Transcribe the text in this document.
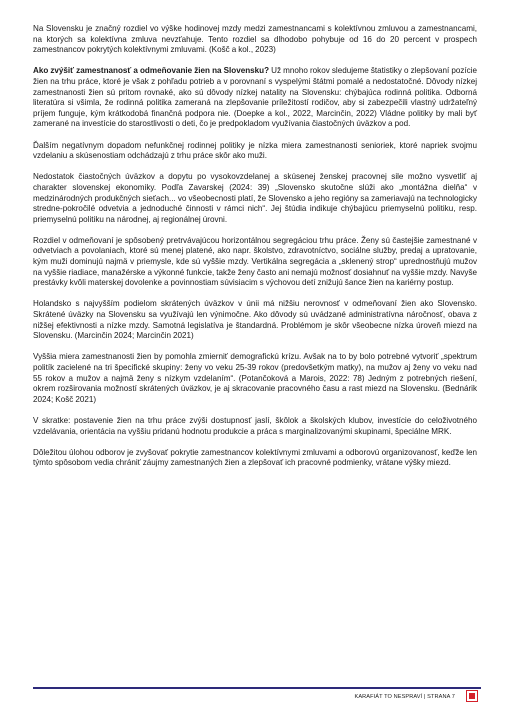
Na Slovensku je značný rozdiel vo výške hodinovej mzdy medzi zamestnancami s kolektívnou zmluvou a zamestnancami, na ktorých sa kolektívna zmluva nevzťahuje. Tento rozdiel sa dlhodobo pohybuje od 16 do 20 percent v prospech zamestnancov pokrytých kolektívnymi zmluvami. (Košč a kol., 2023)

Ako zvýšiť zamestnanosť a odmeňovanie žien na Slovensku? Už mnoho rokov sledujeme štatistiky o zlepšovaní pozície žien na trhu práce, ktoré je však z pohľadu potrieb a v porovnaní s vyspelými štátmi pomalé a nedostatočné. Dôvody nízkej zamestnanosti žien sú pritom rovnaké, ako sú dôvody nízkej natality na Slovensku: chýbajúca rodinná politika. Odborná literatúra si všimla, že rodinná politika zameraná na zlepšovanie príležitostí rodičov, aby si zabezpečili vlastný udržateľný príjem funguje, kým krátkodobá finančná podpora nie. (Doepke a kol., 2022, Marcinčin, 2022) Vládne politiky by mali byť zamerané na investície do starostlivosti o deti, čo je predpokladom využívania čiastočných úväzkov a pod.

Ďalším negatívnym dopadom nefunkčnej rodinnej politiky je nízka miera zamestnanosti senioriek, ktoré napriek svojmu vzdelaniu a skúsenostiam odchádzajú z trhu práce skôr ako muži.

Nedostatok čiastočných úväzkov a dopytu po vysokovzdelanej a skúsenej ženskej pracovnej sile možno vysvetliť aj charakter slovenskej ekonomiky. Podľa Zavarskej (2024: 39) „Slovensko skutočne slúži ako „montážna dielňa“ v medzinárodných produkčných sieťach... vo všeobecnosti platí, že Slovensko a jeho regióny sa zameriavajú na technologicky stredne-pokročilé odvetvia a jednoduché činnosti v rámci nich“. Jej štúdia indikuje chýbajúcu priemyselnú politiku, resp. priemyselnú politiku na národnej, aj regionálnej úrovni.

Rozdiel v odmeňovaní je spôsobený pretrvávajúcou horizontálnou segregáciou trhu práce. Ženy sú častejšie zamestnané v odvetviach a povolaniach, ktoré sú menej platené, ako napr. školstvo, zdravotníctvo, sociálne služby, predaj a upratovanie, kým muži dominujú najmä v priemysle, kde sú vyššie mzdy. Vertikálna segregácia a „sklenený strop“ uprednostňujú mužov na vyššie riadiace, manažérske a výkonné funkcie, takže ženy často ani nemajú možnosť dosiahnuť na vyššie mzdy. Navyše prestávky kvôli materskej dovolenke a povinnostiam súvisiacim s výchovou detí znižujú šance žien na kariérny postup.

Holandsko s najvyšším podielom skrátených úväzkov v únii má nižšiu nerovnosť v odmeňovaní žien ako Slovensko. Skrátené úväzky na Slovensku sa využívajú len výnimočne. Ako dôvody sú uvádzané administratívna náročnosť, obava z nižšej efektivnosti a nízke mzdy. Samotná legislatíva je štandardná. Problémom je skôr všeobecne nízka úroveň miezd na Slovensku. (Marcinčin 2024; Marcinčin 2021)

Vyššia miera zamestnanosti žien by pomohla zmierniť demografickú krízu. Avšak na to by bolo potrebné vytvoriť „spektrum politík zacielené na tri špecifické skupiny: ženy vo veku 25-39 rokov (predovšetkým matky), na mužov aj ženy vo veku nad 55 rokov a mužov a najmä ženy s nízkym vzdelaním“. (Potančoková a Marois, 2022: 78) Jedným z potrebných riešení, okrem rozširovania možností skrátených úväzkov, je aj skracovanie pracovného času a rast miezd na Slovensku. (Bednárik 2024; Košč 2021)

V skratke: postavenie žien na trhu práce zvýši dostupnosť jaslí, škôlok a školských klubov, investície do celoživotného vzdelávania, orientácia na vyššiu pridanú hodnotu produkcie a práca s marginalizovanými skupinami, špeciálne MRK.

Dôležitou úlohou odborov je zvyšovať pokrytie zamestnancov kolektívnymi zmluvami a odborovú organizovanosť, keďže len týmto spôsobom vedia chrániť záujmy zamestnaných žien a zlepšovať ich pracovné podmienky, vrátane výšky miezd.

KARAFIÁT TO NESPRAVÍ | STRANA 7
